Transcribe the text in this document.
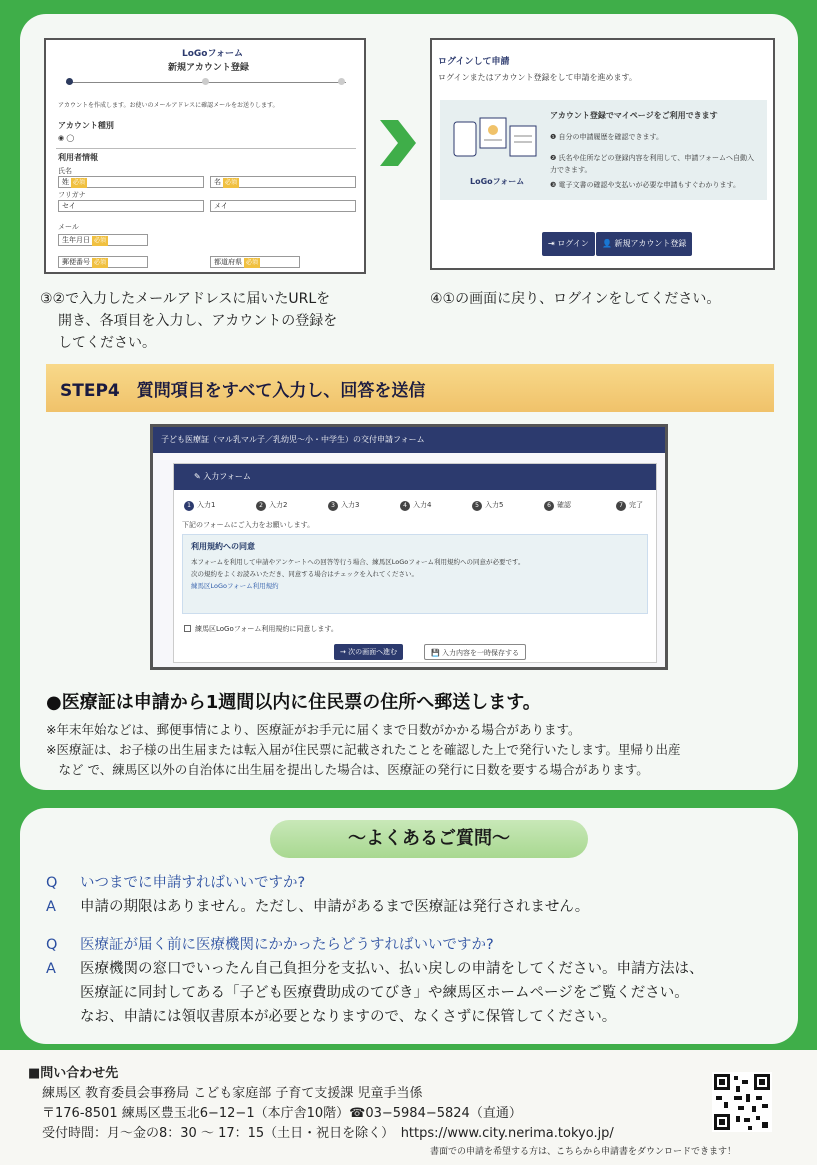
LoGoフォーム
新規アカウント登録
アカウントを作成します。お使いのメールアドレスに確認メールをお送りします。
アカウント種別
◉ ◯
利用者情報
氏名
姓 必須	名 必須
フリガナ
セイ	メイ
メール
生年月日 必須
郵便番号 必須	都道府県 必須
ログインして申請
ログインまたはアカウント登録をして申請を進めます。
LoGoフォーム
アカウント登録でマイページをご利用できます
❶ 自分の申請履歴を確認できます。
❷ 氏名や住所などの登録内容を利用して、申請フォームへ自動入力できます。
❸ 電子文書の確認や支払いが必要な申請もすぐわかります。
⇥ ログイン	👤 新規アカウント登録
③②で入力したメールアドレスに届いたURLを
開き、各項目を入力し、アカウントの登録を
してください。
④①の画面に戻り、ログインをしてください。
STEP4　質問項目をすべて入力し、回答を送信
子ども医療証（マル乳マル子／乳幼児〜小・中学生）の交付申請フォーム
✎ 入力フォーム
1 入力1	2 入力2	3 入力3	4 入力4	5 入力5	6 確認	7 完了
下記のフォームにご入力をお願いします。
利用規約への同意
本フォームを利用して申請やアンケートへの回答等行う場合、練馬区LoGoフォーム利用規約への同意が必要です。
次の規約をよくお読みいただき、同意する場合はチェックを入れてください。
練馬区LoGoフォーム利用規約
練馬区LoGoフォーム利用規約に同意します。
→ 次の画面へ進む	💾 入力内容を一時保存する
●医療証は申請から1週間以内に住民票の住所へ郵送します。
※年末年始などは、郵便事情により、医療証がお手元に届くまで日数がかかる場合があります。
※医療証は、お子様の出生届または転入届が住民票に記載されたことを確認した上で発行いたします。里帰り出産
　など で、練馬区以外の自治体に出生届を提出した場合は、医療証の発行に日数を要する場合があります。
〜よくあるご質問〜
Q いつまでに申請すればいいですか?
A 申請の期限はありません。ただし、申請があるまで医療証は発行されません。
Q 医療証が届く前に医療機関にかかったらどうすればいいですか?
A 医療機関の窓口でいったん自己負担分を支払い、払い戻しの申請をしてください。申請方法は、
医療証に同封してある「子ども医療費助成のてびき」や練馬区ホームページをご覧ください。
なお、申請には領収書原本が必要となりますので、なくさずに保管してください。
■問い合わせ先
練馬区 教育委員会事務局 こども家庭部 子育て支援課 児童手当係
〒176-8501 練馬区豊玉北6−12−1（本庁舎10階）☎03−5984−5824（直通）
受付時間：月〜金の8：30 〜 17：15（土日・祝日を除く）　 https://www.city.nerima.tokyo.jp/
書面での申請を希望する方は、こちらから申請書をダウンロードできます！
